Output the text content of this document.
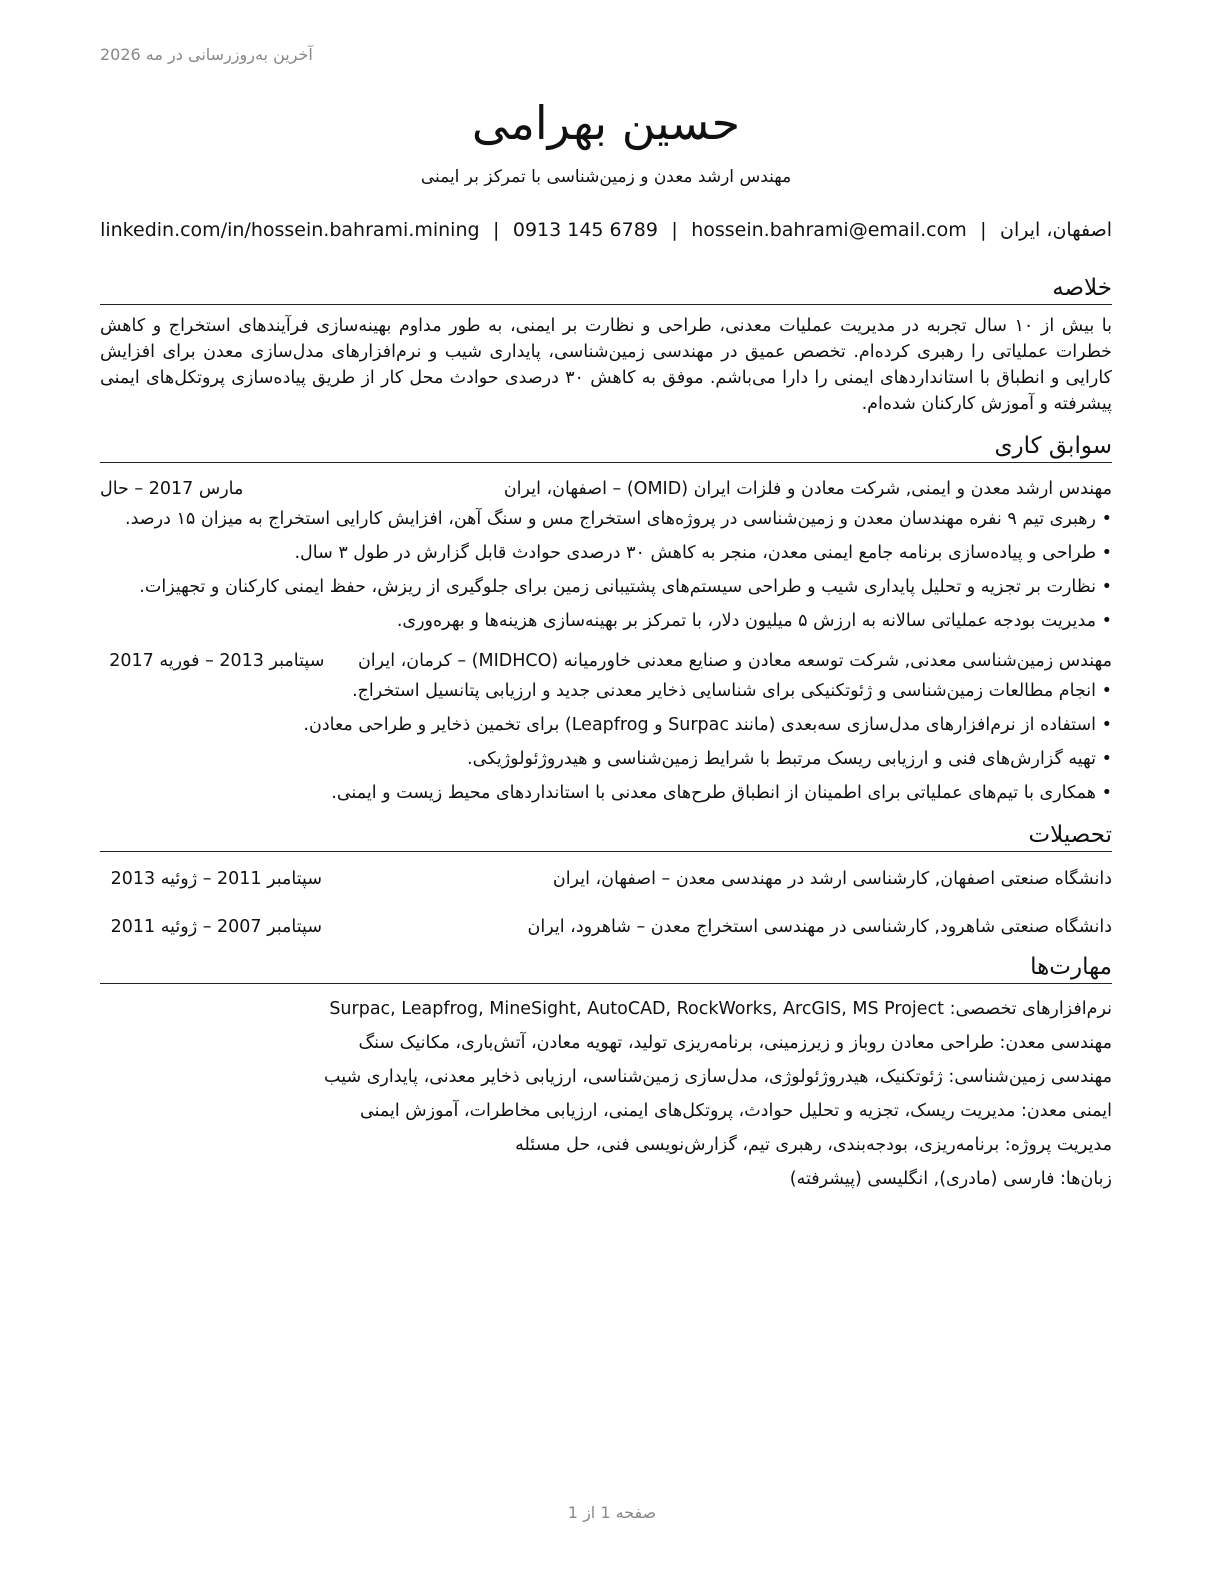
آخرین به‌روزرسانی در مه 2026
حسین بهرامی
مهندس ارشد معدن و زمین‌شناسی با تمرکز بر ایمنی
اصفهان، ایران
|
hossein.bahrami@email.com
|
0913 145 6789
|
linkedin.com/in/hossein.bahrami.mining
خلاصه
با بیش از ۱۰ سال تجربه در مدیریت عملیات معدنی، طراحی و نظارت بر ایمنی، به طور مداوم بهینه‌سازی فرآیندهای استخراج و کاهش خطرات عملیاتی را رهبری کرده‌ام. تخصص عمیق در مهندسی زمین‌شناسی، پایداری شیب و نرم‌افزارهای مدل‌سازی معدن برای افزایش کارایی و انطباق با استانداردهای ایمنی را دارا می‌باشم. موفق به کاهش ۳۰ درصدی حوادث محل کار از طریق پیاده‌سازی پروتکل‌های ایمنی پیشرفته و آموزش کارکنان شده‌ام.
سوابق کاری
مهندس ارشد معدن و ایمنی, شرکت معادن و فلزات ایران (OMID) – اصفهان، ایران
مارس 2017 – حال
•رهبری تیم ۹ نفره مهندسان معدن و زمین‌شناسی در پروژه‌های استخراج مس و سنگ آهن، افزایش کارایی استخراج به میزان ۱۵ درصد.
•طراحی و پیاده‌سازی برنامه جامع ایمنی معدن، منجر به کاهش ۳۰ درصدی حوادث قابل گزارش در طول ۳ سال.
•نظارت بر تجزیه و تحلیل پایداری شیب و طراحی سیستم‌های پشتیبانی زمین برای جلوگیری از ریزش، حفظ ایمنی کارکنان و تجهیزات.
•مدیریت بودجه عملیاتی سالانه به ارزش ۵ میلیون دلار، با تمرکز بر بهینه‌سازی هزینه‌ها و بهره‌وری.
مهندس زمین‌شناسی معدنی, شرکت توسعه معادن و صنایع معدنی خاورمیانه (MIDHCO) – کرمان، ایران سپتامبر 2013 – فوریه 2017
•انجام مطالعات زمین‌شناسی و ژئوتکنیکی برای شناسایی ذخایر معدنی جدید و ارزیابی پتانسیل استخراج.
•استفاده از نرم‌افزارهای مدل‌سازی سه‌بعدی (مانند Surpac و Leapfrog) برای تخمین ذخایر و طراحی معادن.
•تهیه گزارش‌های فنی و ارزیابی ریسک مرتبط با شرایط زمین‌شناسی و هیدروژئولوژیکی.
•همکاری با تیم‌های عملیاتی برای اطمینان از انطباق طرح‌های معدنی با استانداردهای محیط زیست و ایمنی.
تحصیلات
دانشگاه صنعتی اصفهان, کارشناسی ارشد در مهندسی معدن – اصفهان، ایران
سپتامبر 2011 – ژوئیه 2013
دانشگاه صنعتی شاهرود, کارشناسی در مهندسی استخراج معدن – شاهرود، ایران
سپتامبر 2007 – ژوئیه 2011
مهارت‌ها
نرم‌افزارهای تخصصی: Surpac, Leapfrog, MineSight, AutoCAD, RockWorks, ArcGIS, MS Project
مهندسی معدن: طراحی معادن روباز و زیرزمینی، برنامه‌ریزی تولید، تهویه معادن، آتش‌باری، مکانیک سنگ
مهندسی زمین‌شناسی: ژئوتکنیک، هیدروژئولوژی، مدل‌سازی زمین‌شناسی، ارزیابی ذخایر معدنی، پایداری شیب
ایمنی معدن: مدیریت ریسک، تجزیه و تحلیل حوادث، پروتکل‌های ایمنی، ارزیابی مخاطرات، آموزش ایمنی
مدیریت پروژه: برنامه‌ریزی، بودجه‌بندی، رهبری تیم، گزارش‌نویسی فنی، حل مسئله
زبان‌ها: فارسی (مادری), انگلیسی (پیشرفته)
صفحه 1 از 1
